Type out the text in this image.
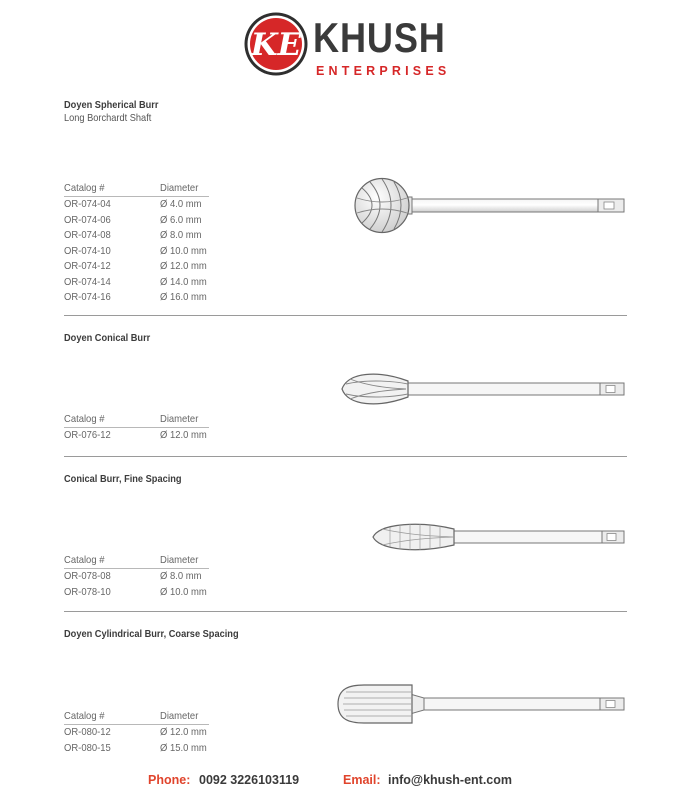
KE KHUSH
ENTERPRISES
Doyen Spherical Burr
Long Borchardt Shaft
Catalog #	Diameter
OR-074-04	Ø 4.0 mm
OR-074-06	Ø 6.0 mm
OR-074-08	Ø 8.0 mm
OR-074-10	Ø 10.0 mm
OR-074-12	Ø 12.0 mm
OR-074-14	Ø 14.0 mm
OR-074-16	Ø 16.0 mm
Doyen Conical Burr
Catalog #	Diameter
OR-076-12	Ø 12.0 mm
Conical Burr, Fine Spacing
Catalog #	Diameter
OR-078-08	Ø 8.0 mm
OR-078-10	Ø 10.0 mm
Doyen Cylindrical Burr, Coarse Spacing
Catalog #	Diameter
OR-080-12	Ø 12.0 mm
OR-080-15	Ø 15.0 mm
Phone: 0092 3226103119	Email: info@khush-ent.com
